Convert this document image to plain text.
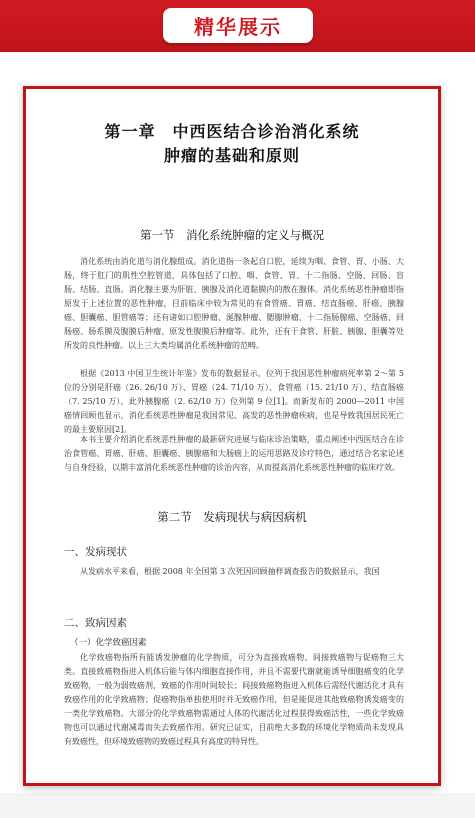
精华展示
第一章　中西医结合诊治消化系统
肿瘤的基础和原则
第一节　消化系统肿瘤的定义与概况

消化系统由消化道与消化腺组成。消化道指一条起自口腔，延续为咽、食管、胃、小肠、大肠，终于肛门的肌性空腔管道，具体包括了口腔、咽、食管、胃、十二指肠、空肠、回肠、盲肠、结肠、直肠。消化腺主要为肝脏、胰腺及消化道黏膜内的散在腺体。消化系统恶性肿瘤即指原发于上述位置的恶性肿瘤，目前临床中较为常见的有食管癌、胃癌、结直肠癌、肝癌、胰腺癌、胆囊癌、胆管癌等；还有诸如口腔肿瘤、涎腺肿瘤、腮腺肿瘤、十二指肠腺癌、空肠癌、回肠癌、肠系膜及腹膜后肿瘤、原发性腹膜后肿瘤等。此外，还有于食管、肝脏、胰腺、胆囊等处所发的良性肿瘤。以上三大类均属消化系统肿瘤的范畴。

根据《2013 中国卫生统计年鉴》发布的数据显示，位列于我国恶性肿瘤病死率第 2～第 5 位的分别是肝癌（26. 26/10 万）、胃癌（24. 71/10 万）、食管癌（15. 21/10 万）、结直肠癌（7. 25/10 万），此外胰腺癌（2. 62/10 万）位列第 9 位[1]。而新发布的 2000—2011 中国癌情回顾也显示，消化系统恶性肿瘤是我国常见、高发的恶性肿瘤疾病，也是导致我国居民死亡的最主要原因[2]。

本书主要介绍消化系统恶性肿瘤的最新研究进展与临床诊治策略，重点阐述中西医结合在诊治食管癌、胃癌、肝癌、胆囊癌、胰腺癌和大肠癌上的运用思路及诊疗特色，通过结合名家论述与自身经验，以期丰富消化系统恶性肿瘤的诊治内容，从而提高消化系统恶性肿瘤的临床疗效。

第二节　发病现状与病因病机
一、发病现状

从发病水平来看，根据 2008 年全国第 3 次死因回顾抽样调查报告的数据显示，我国

二、致病因素
（一）化学致癌因素

化学致癌物指所有能诱发肿瘤的化学物质，可分为直接致癌物、间接致癌物与促癌物三大类。直接致癌物指进入机体后能与体内细胞直接作用，并且不需要代谢就能诱导细胞癌变的化学致癌物，一般为弱致癌剂，致癌的作用时间较长；间接致癌物指进入机体后需经代谢活化才具有致癌作用的化学致癌物；促癌物指单独使用时并无致癌作用，但是能促进其他致癌物诱发癌变的一类化学致癌物。大部分的化学致癌物需通过人体的代谢活化过程获得致癌活性，一些化学致癌物也可以通过代谢减毒而失去致癌作用。研究已证实，目前绝大多数的环境化学物质尚未发现具有致癌性，但环境致癌物的致癌过程具有高度的特异性。
